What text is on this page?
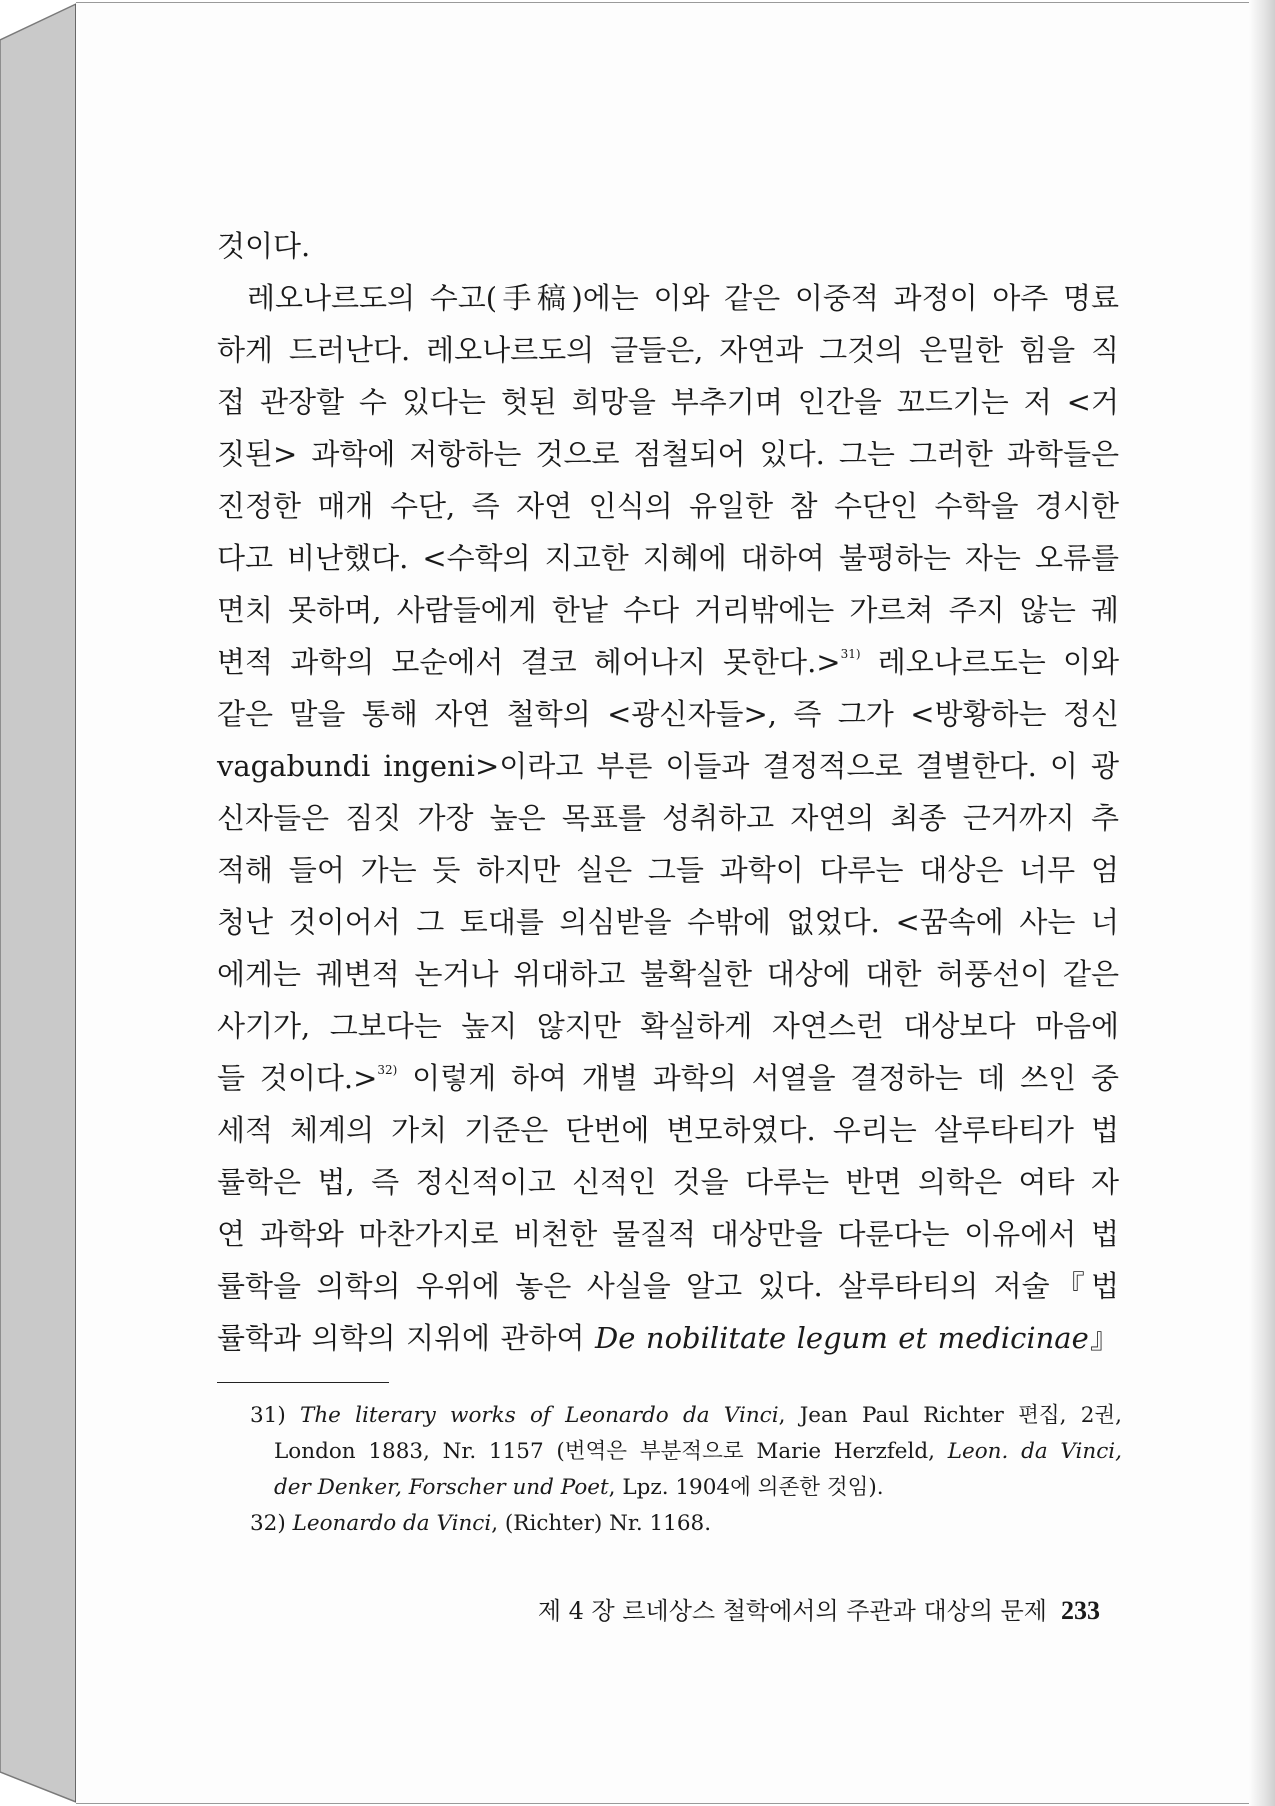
것이다.
레오나르도의 수고(手稿)에는 이와 같은 이중적 과정이 아주 명료
하게 드러난다. 레오나르도의 글들은, 자연과 그것의 은밀한 힘을 직
접 관장할 수 있다는 헛된 희망을 부추기며 인간을 꼬드기는 저 <거
짓된> 과학에 저항하는 것으로 점철되어 있다. 그는 그러한 과학들은
진정한 매개 수단, 즉 자연 인식의 유일한 참 수단인 수학을 경시한
다고 비난했다. <수학의 지고한 지혜에 대하여 불평하는 자는 오류를
면치 못하며, 사람들에게 한낱 수다 거리밖에는 가르쳐 주지 않는 궤
변적 과학의 모순에서 결코 헤어나지 못한다.>$^{31)}$ 레오나르도는 이와
같은 말을 통해 자연 철학의 <광신자들>, 즉 그가 <방황하는 정신
vagabundi ingeni>이라고 부른 이들과 결정적으로 결별한다. 이 광
신자들은 짐짓 가장 높은 목표를 성취하고 자연의 최종 근거까지 추
적해 들어 가는 듯 하지만 실은 그들 과학이 다루는 대상은 너무 엄
청난 것이어서 그 토대를 의심받을 수밖에 없었다. <꿈속에 사는 너
에게는 궤변적 논거나 위대하고 불확실한 대상에 대한 허풍선이 같은
사기가, 그보다는 높지 않지만 확실하게 자연스런 대상보다 마음에
들 것이다.>$^{32)}$ 이렇게 하여 개별 과학의 서열을 결정하는 데 쓰인 중
세적 체계의 가치 기준은 단번에 변모하였다. 우리는 살루타티가 법
률학은 법, 즉 정신적이고 신적인 것을 다루는 반면 의학은 여타 자
연 과학와 마찬가지로 비천한 물질적 대상만을 다룬다는 이유에서 법
률학을 의학의 우위에 놓은 사실을 알고 있다. 살루타티의 저술『법
률학과 의학의 지위에 관하여 De nobilitate legum et medicinae』
31) The literary works of Leonardo da Vinci, Jean Paul Richter 편집, 2권,
London 1883, Nr. 1157 (번역은 부분적으로 Marie Herzfeld, Leon. da Vinci,
der Denker, Forscher und Poet, Lpz. 1904에 의존한 것임).
32) Leonardo da Vinci, (Richter) Nr. 1168.
제 4 장 르네상스 철학에서의 주관과 대상의 문제 233
